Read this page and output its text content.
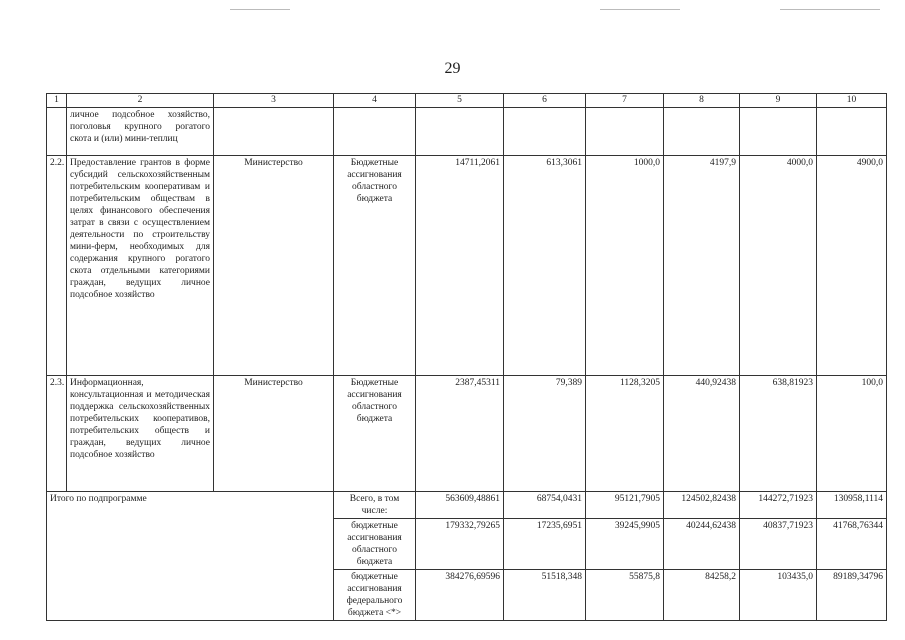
29
1	2	3	4	5	6	7	8	9	10
	личное подсобное хозяйство, поголовья крупного рогатого скота и (или) мини-теплиц								
2.2.	Предоставление грантов в форме субсидий сельскохозяйственным потребительским кооперативам и потребительским обществам в целях финансового обеспечения затрат в связи с осуществлением деятельности по строительству мини-ферм, необходимых для содержания крупного рогатого скота отдельными категориями граждан, ведущих личное подсобное хозяйство	Министерство	Бюджетные ассигнования областного бюджета	14711,2061	613,3061	1000,0	4197,9	4000,0	4900,0
2.3.	Информационная, консультационная и методическая поддержка сельскохозяйственных потребительских кооперативов, потребительских обществ и граждан, ведущих личное подсобное хозяйство	Министерство	Бюджетные ассигнования областного бюджета	2387,45311	79,389	1128,3205	440,92438	638,81923	100,0
Итого по подпрограмме			Всего, в том числе:	563609,48861	68754,0431	95121,7905	124502,82438	144272,71923	130958,1114
			бюджетные ассигнования областного бюджета	179332,79265	17235,6951	39245,9905	40244,62438	40837,71923	41768,76344
			бюджетные ассигнования федерального бюджета <*>	384276,69596	51518,348	55875,8	84258,2	103435,0	89189,34796
